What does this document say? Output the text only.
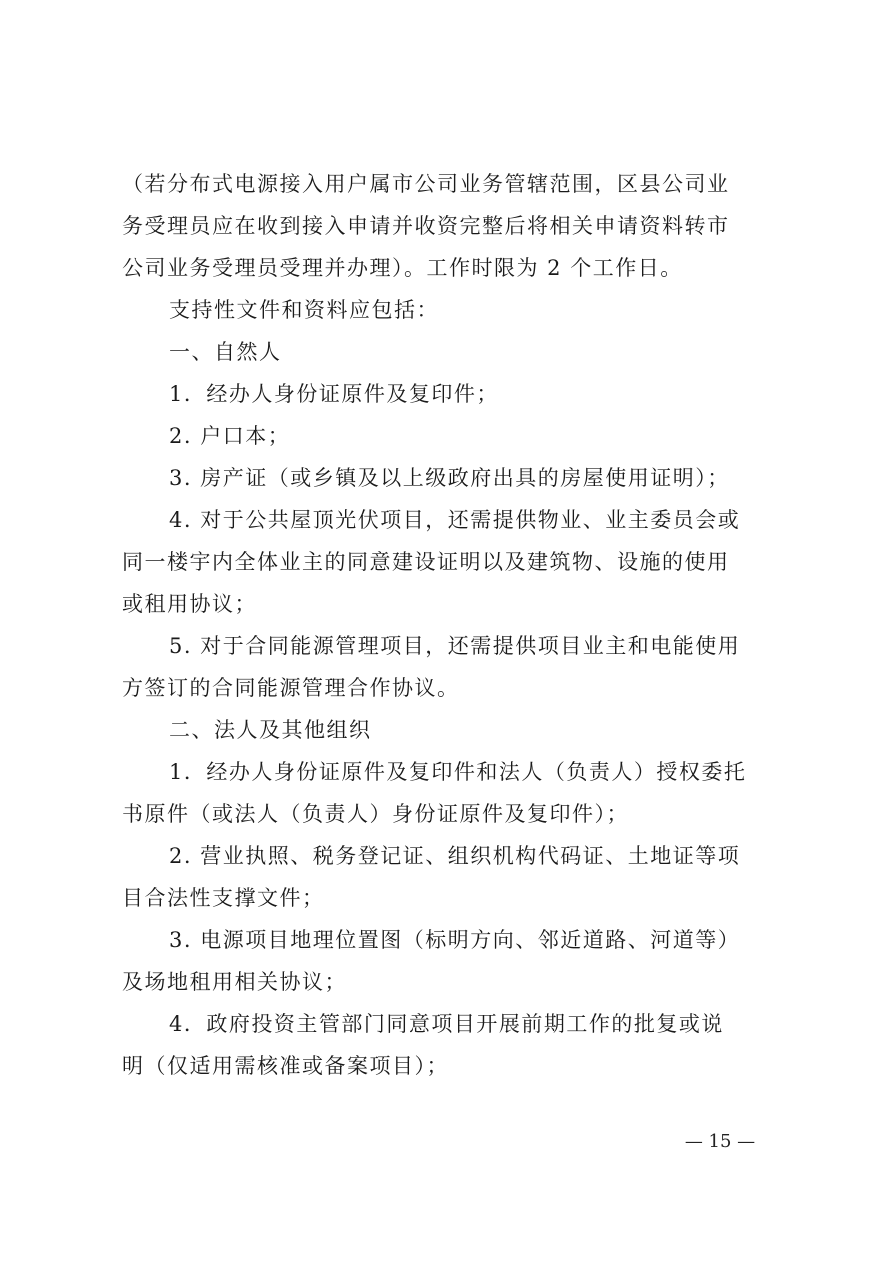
（若分布式电源接入用户属市公司业务管辖范围，区县公司业
务受理员应在收到接入申请并收资完整后将相关申请资料转市
公司业务受理员受理并办理）。工作时限为 2 个工作日。
支持性文件和资料应包括：
一、自然人
1．经办人身份证原件及复印件；
2. 户口本；
3. 房产证（或乡镇及以上级政府出具的房屋使用证明）；
4. 对于公共屋顶光伏项目，还需提供物业、业主委员会或
同一楼宇内全体业主的同意建设证明以及建筑物、设施的使用
或租用协议；
5. 对于合同能源管理项目，还需提供项目业主和电能使用
方签订的合同能源管理合作协议。
二、法人及其他组织
1．经办人身份证原件及复印件和法人（负责人）授权委托
书原件（或法人（负责人）身份证原件及复印件）；
2. 营业执照、税务登记证、组织机构代码证、土地证等项
目合法性支撑文件；
3. 电源项目地理位置图（标明方向、邻近道路、河道等）
及场地租用相关协议；
4．政府投资主管部门同意项目开展前期工作的批复或说
明（仅适用需核准或备案项目）；
— 15 —
